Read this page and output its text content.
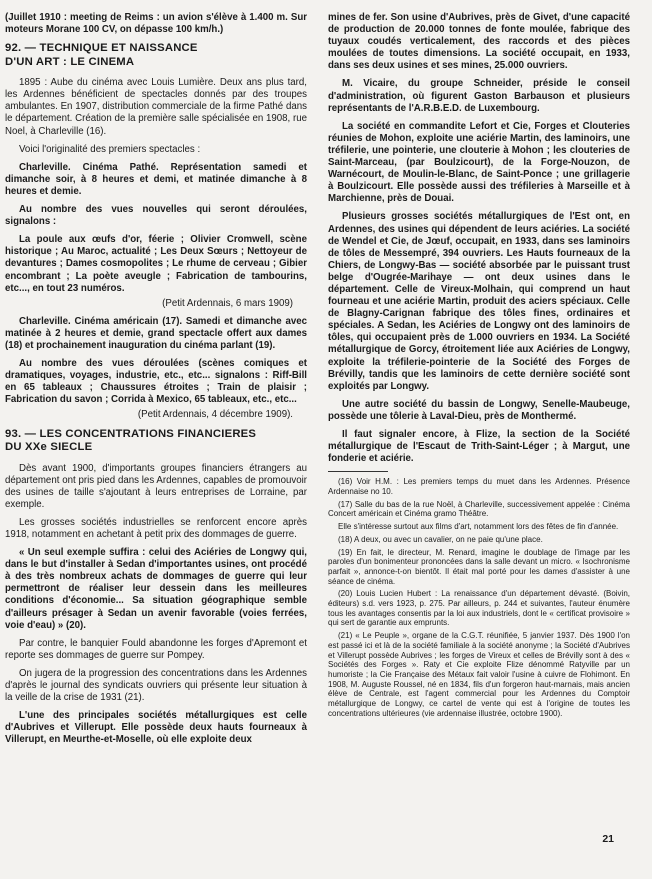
(Juillet 1910 : meeting de Reims : un avion s'élève à 1.400 m. Sur moteurs Morane 100 CV, on dépasse 100 km/h.)

92. — TECHNIQUE ET NAISSANCE
D'UN ART : LE CINEMA

1895 : Aube du cinéma avec Louis Lumière. Deux ans plus tard, les Ardennes bénéficient de spectacles donnés par des troupes ambulantes. En 1907, distribution commerciale de la firme Pathé dans le département. Création de la première salle spécialisée en 1908, rue Noel, à Charleville (16).

Voici l'originalité des premiers spectacles :

Charleville. Cinéma Pathé. Représentation samedi et dimanche soir, à 8 heures et demi, et matinée dimanche à 8 heures et demie.

Au nombre des vues nouvelles qui seront déroulées, signalons :

La poule aux œufs d'or, féerie ; Olivier Cromwell, scène historique ; Au Maroc, actualité ; Les Deux Sœurs ; Nettoyeur de devantures ; Dames cosmopolites ; Le rhume de cerveau ; Gibier encombrant ; La poète aveugle ; Fabrication de tambourins, etc..., en tout 23 numéros.

(Petit Ardennais, 6 mars 1909)

Charleville. Cinéma américain (17). Samedi et dimanche avec matinée à 2 heures et demie, grand spectacle offert aux dames (18) et prochainement inauguration du cinéma parlant (19).

Au nombre des vues déroulées (scènes comiques et dramatiques, voyages, industrie, etc., etc... signalons : Riff-Bill en 65 tableaux ; Chaussures étroites ; Train de plaisir ; Fabrication du savon ; Corrida à Mexico, 65 tableaux, etc., etc...

(Petit Ardennais, 4 décembre 1909).

93. — LES CONCENTRATIONS FINANCIERES
DU XXe SIECLE

Dès avant 1900, d'importants groupes financiers étrangers au département ont pris pied dans les Ardennes, capables de promouvoir des usines de taille s'ajoutant à leurs entreprises de Lorraine, par exemple.

Les grosses sociétés industrielles se renforcent encore après 1918, notamment en achetant à petit prix des dommages de guerre.

« Un seul exemple suffira : celui des Aciéries de Longwy qui, dans le but d'installer à Sedan d'importantes usines, ont procédé à des très nombreux achats de dommages de guerre qui leur permettront de réaliser leur dessein dans les meilleures conditions d'économie... Sa situation géographique semble d'ailleurs présager à Sedan un avenir favorable (voies ferrées, voie d'eau) » (20).

Par contre, le banquier Fould abandonne les forges d'Apremont et reporte ses dommages de guerre sur Pompey.

On jugera de la progression des concentrations dans les Ardennes d'après le journal des syndicats ouvriers qui présente leur situation à la veille de la crise de 1931 (21).

L'une des principales sociétés métallurgiques est celle d'Aubrives et Villerupt. Elle possède deux hauts fourneaux à Villerupt, en Meurthe-et-Moselle, où elle exploite deux

mines de fer. Son usine d'Aubrives, près de Givet, d'une capacité de production de 20.000 tonnes de fonte moulée, fabrique des tuyaux coudés verticalement, des raccords et des pièces moulées de toutes dimensions. La société occupait, en 1933, dans ses deux usines et ses mines, 25.000 ouvriers.

M. Vicaire, du groupe Schneider, préside le conseil d'administration, où figurent Gaston Barbauson et plusieurs représentants de l'A.R.B.E.D. de Luxembourg.

La société en commandite Lefort et Cie, Forges et Clouteries réunies de Mohon, exploite une aciérie Martin, des laminoirs, une tréfilerie, une pointerie, une clouterie à Mohon ; les clouteries de Saint-Marceau, (par Boulzicourt), de la Forge-Nouzon, de Warnécourt, de Moulin-le-Blanc, de Saint-Ponce ; une grillagerie à Boulzicourt. Elle possède aussi des tréfileries à Marseille et à Marchienne, près de Douai.

Plusieurs grosses sociétés métallurgiques de l'Est ont, en Ardennes, des usines qui dépendent de leurs aciéries. La société de Wendel et Cie, de Jœuf, occupait, en 1933, dans ses laminoirs de tôles de Messempré, 394 ouvriers. Les Hauts fourneaux de la Chiers, de Longwy-Bas — société absorbée par le puissant trust belge d'Ougrée-Marihaye — ont deux usines dans le département. Celle de Vireux-Molhain, qui comprend un haut fourneau et une aciérie Martin, produit des aciers spéciaux. Celle de Blagny-Carignan fabrique des tôles fines, ordinaires et spéciales. A Sedan, les Aciéries de Longwy ont des laminoirs de tôles, qui occupaient près de 1.000 ouvriers en 1934. La Société métallurgique de Gorcy, étroitement liée aux Aciéries de Longwy, exploite la tréfilerie-pointerie de la Société des Forges de Brévilly, tandis que les laminoirs de cette dernière société sont exploités par Longwy.

Une autre société du bassin de Longwy, Senelle-Maubeuge, possède une tôlerie à Laval-Dieu, près de Monthermé.

Il faut signaler encore, à Flize, la section de la Société métallurgique de l'Escaut de Trith-Saint-Léger ; à Margut, une fonderie et aciérie.

(16) Voir H.M. : Les premiers temps du muet dans les Ardennes. Présence Ardennaise no 10.

(17) Salle du bas de la rue Noël, à Charleville, successivement appelée : Cinéma Concert américain et Cinéma gramo Théâtre.

Elle s'intéresse surtout aux films d'art, notamment lors des fêtes de fin d'année.

(18) A deux, ou avec un cavalier, on ne paie qu'une place.

(19) En fait, le directeur, M. Renard, imagine le doublage de l'image par les paroles d'un bonimenteur prononcées dans la salle devant un micro. « Isochronisme parfait », annonce-t-on bientôt. Il était mal porté pour les dames d'assister à une séance de cinéma.

(20) Louis Lucien Hubert : La renaissance d'un département dévasté. (Boivin, éditeurs) s.d. vers 1923, p. 275. Par ailleurs, p. 244 et suivantes, l'auteur énumère tous les avantages consentis par la loi aux industriels, dont le « certificat provisoire » qui sert de garantie aux emprunts.

(21) « Le Peuple », organe de la C.G.T. réunifiée, 5 janvier 1937. Dès 1900 l'on est passé ici et là de la société familiale à la société anonyme ; la Société d'Aubrives et Villerupt possède Aubrives ; les forges de Vireux et celles de Brévilly sont à des « Sociétés des Forges ». Raty et Cie exploite Flize dénommé Ratyville par un humoriste ; la Cie Française des Métaux fait valoir l'usine à cuivre de Flohimont. En 1908, M. Auguste Roussel, né en 1834, fils d'un forgeron haut-marnais, mais ancien élève de Centrale, est l'agent commercial pour les Ardennes du Comptoir métallurgique de Longwy, ce cartel de vente qui est à l'origine de toutes les concentrations ultérieures (vie ardennaise illustrée, octobre 1900).

21
